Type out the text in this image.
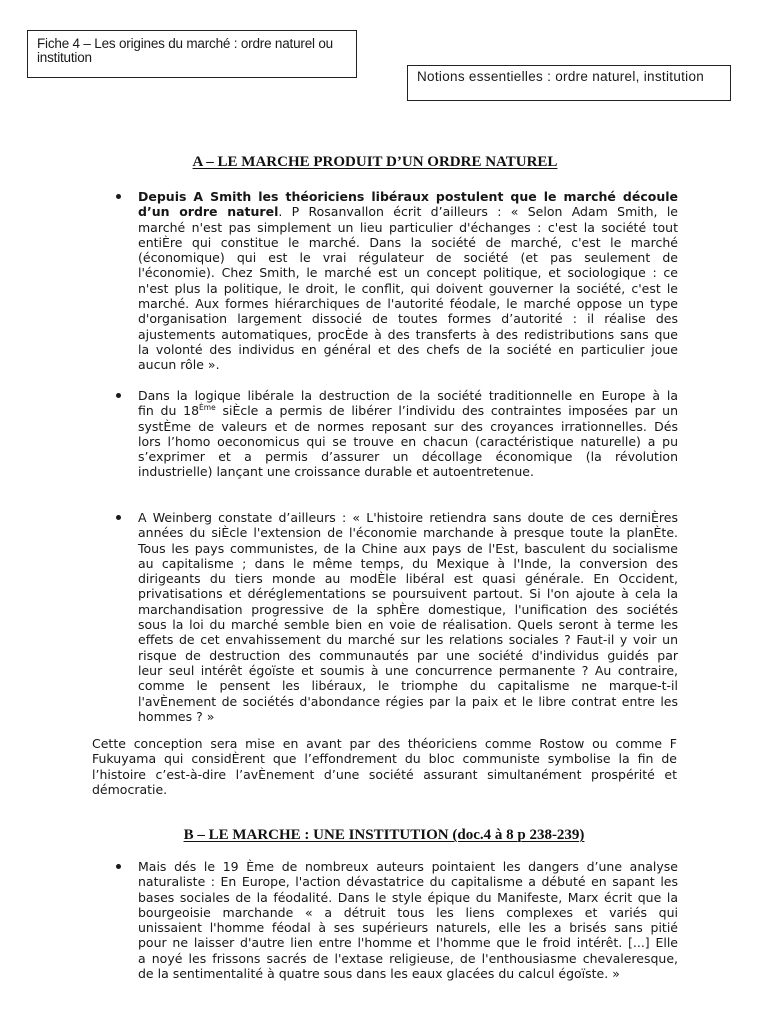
Fiche 4 – Les origines du marché : ordre naturel ou institution
Notions essentielles : ordre naturel, institution
A – LE MARCHE PRODUIT D’UN ORDRE NATUREL
Depuis A Smith les théoriciens libéraux postulent que le marché découle
d’un ordre naturel. P Rosanvallon écrit d’ailleurs : « Selon Adam Smith, le
marché n'est pas simplement un lieu particulier d'échanges : c'est la société tout
entiÈre qui constitue le marché. Dans la société de marché, c'est le marché
(économique) qui est le vrai régulateur de société (et pas seulement de
l'économie). Chez Smith, le marché est un concept politique, et sociologique : ce
n'est plus la politique, le droit, le conflit, qui doivent gouverner la société, c'est le
marché. Aux formes hiérarchiques de l'autorité féodale, le marché oppose un type
d'organisation largement dissocié de toutes formes d’autorité : il réalise des
ajustements automatiques, procÈde à des transferts à des redistributions sans que
la volonté des individus en général et des chefs de la société en particulier joue
aucun rôle ».
Dans la logique libérale la destruction de la société traditionnelle en Europe à la
fin du 18Ème siÈcle a permis de libérer l’individu des contraintes imposées par un
systÈme de valeurs et de normes reposant sur des croyances irrationnelles. Dés
lors l’homo oeconomicus qui se trouve en chacun (caractéristique naturelle) a pu
s’exprimer et a permis d’assurer un décollage économique (la révolution
industrielle) lançant une croissance durable et autoentretenue.
A Weinberg constate d’ailleurs : « L'histoire retiendra sans doute de ces derniÈres
années du siÈcle l'extension de l'économie marchande à presque toute la planÈte.
Tous les pays communistes, de la Chine aux pays de l'Est, basculent du socialisme
au capitalisme ; dans le même temps, du Mexique à l'Inde, la conversion des
dirigeants du tiers monde au modÈle libéral est quasi générale. En Occident,
privatisations et déréglementations se poursuivent partout. Si l'on ajoute à cela la
marchandisation progressive de la sphÈre domestique, l'unification des sociétés
sous la loi du marché semble bien en voie de réalisation. Quels seront à terme les
effets de cet envahissement du marché sur les relations sociales ? Faut-il y voir un
risque de destruction des communautés par une société d'individus guidés par
leur seul intérêt égoïste et soumis à une concurrence permanente ? Au contraire,
comme le pensent les libéraux, le triomphe du capitalisme ne marque-t-il
l'avÈnement de sociétés d'abondance régies par la paix et le libre contrat entre les
hommes ? »
Cette conception sera mise en avant par des théoriciens comme Rostow ou comme F
Fukuyama qui considÈrent que l’effondrement du bloc communiste symbolise la fin de
l’histoire c’est-à-dire l’avÈnement d’une société assurant simultanément prospérité et
démocratie.
B – LE MARCHE : UNE INSTITUTION (doc.4 à 8 p 238-239)
Mais dés le 19 Ème de nombreux auteurs pointaient les dangers d’une analyse
naturaliste : En Europe, l'action dévastatrice du capitalisme a débuté en sapant les
bases sociales de la féodalité. Dans le style épique du Manifeste, Marx écrit que la
bourgeoisie marchande « a détruit tous les liens complexes et variés qui
unissaient l'homme féodal à ses supérieurs naturels, elle les a brisés sans pitié
pour ne laisser d'autre lien entre l'homme et l'homme que le froid intérêt. [...] Elle
a noyé les frissons sacrés de l'extase religieuse, de l'enthousiasme chevaleresque,
de la sentimentalité à quatre sous dans les eaux glacées du calcul égoïste. »
